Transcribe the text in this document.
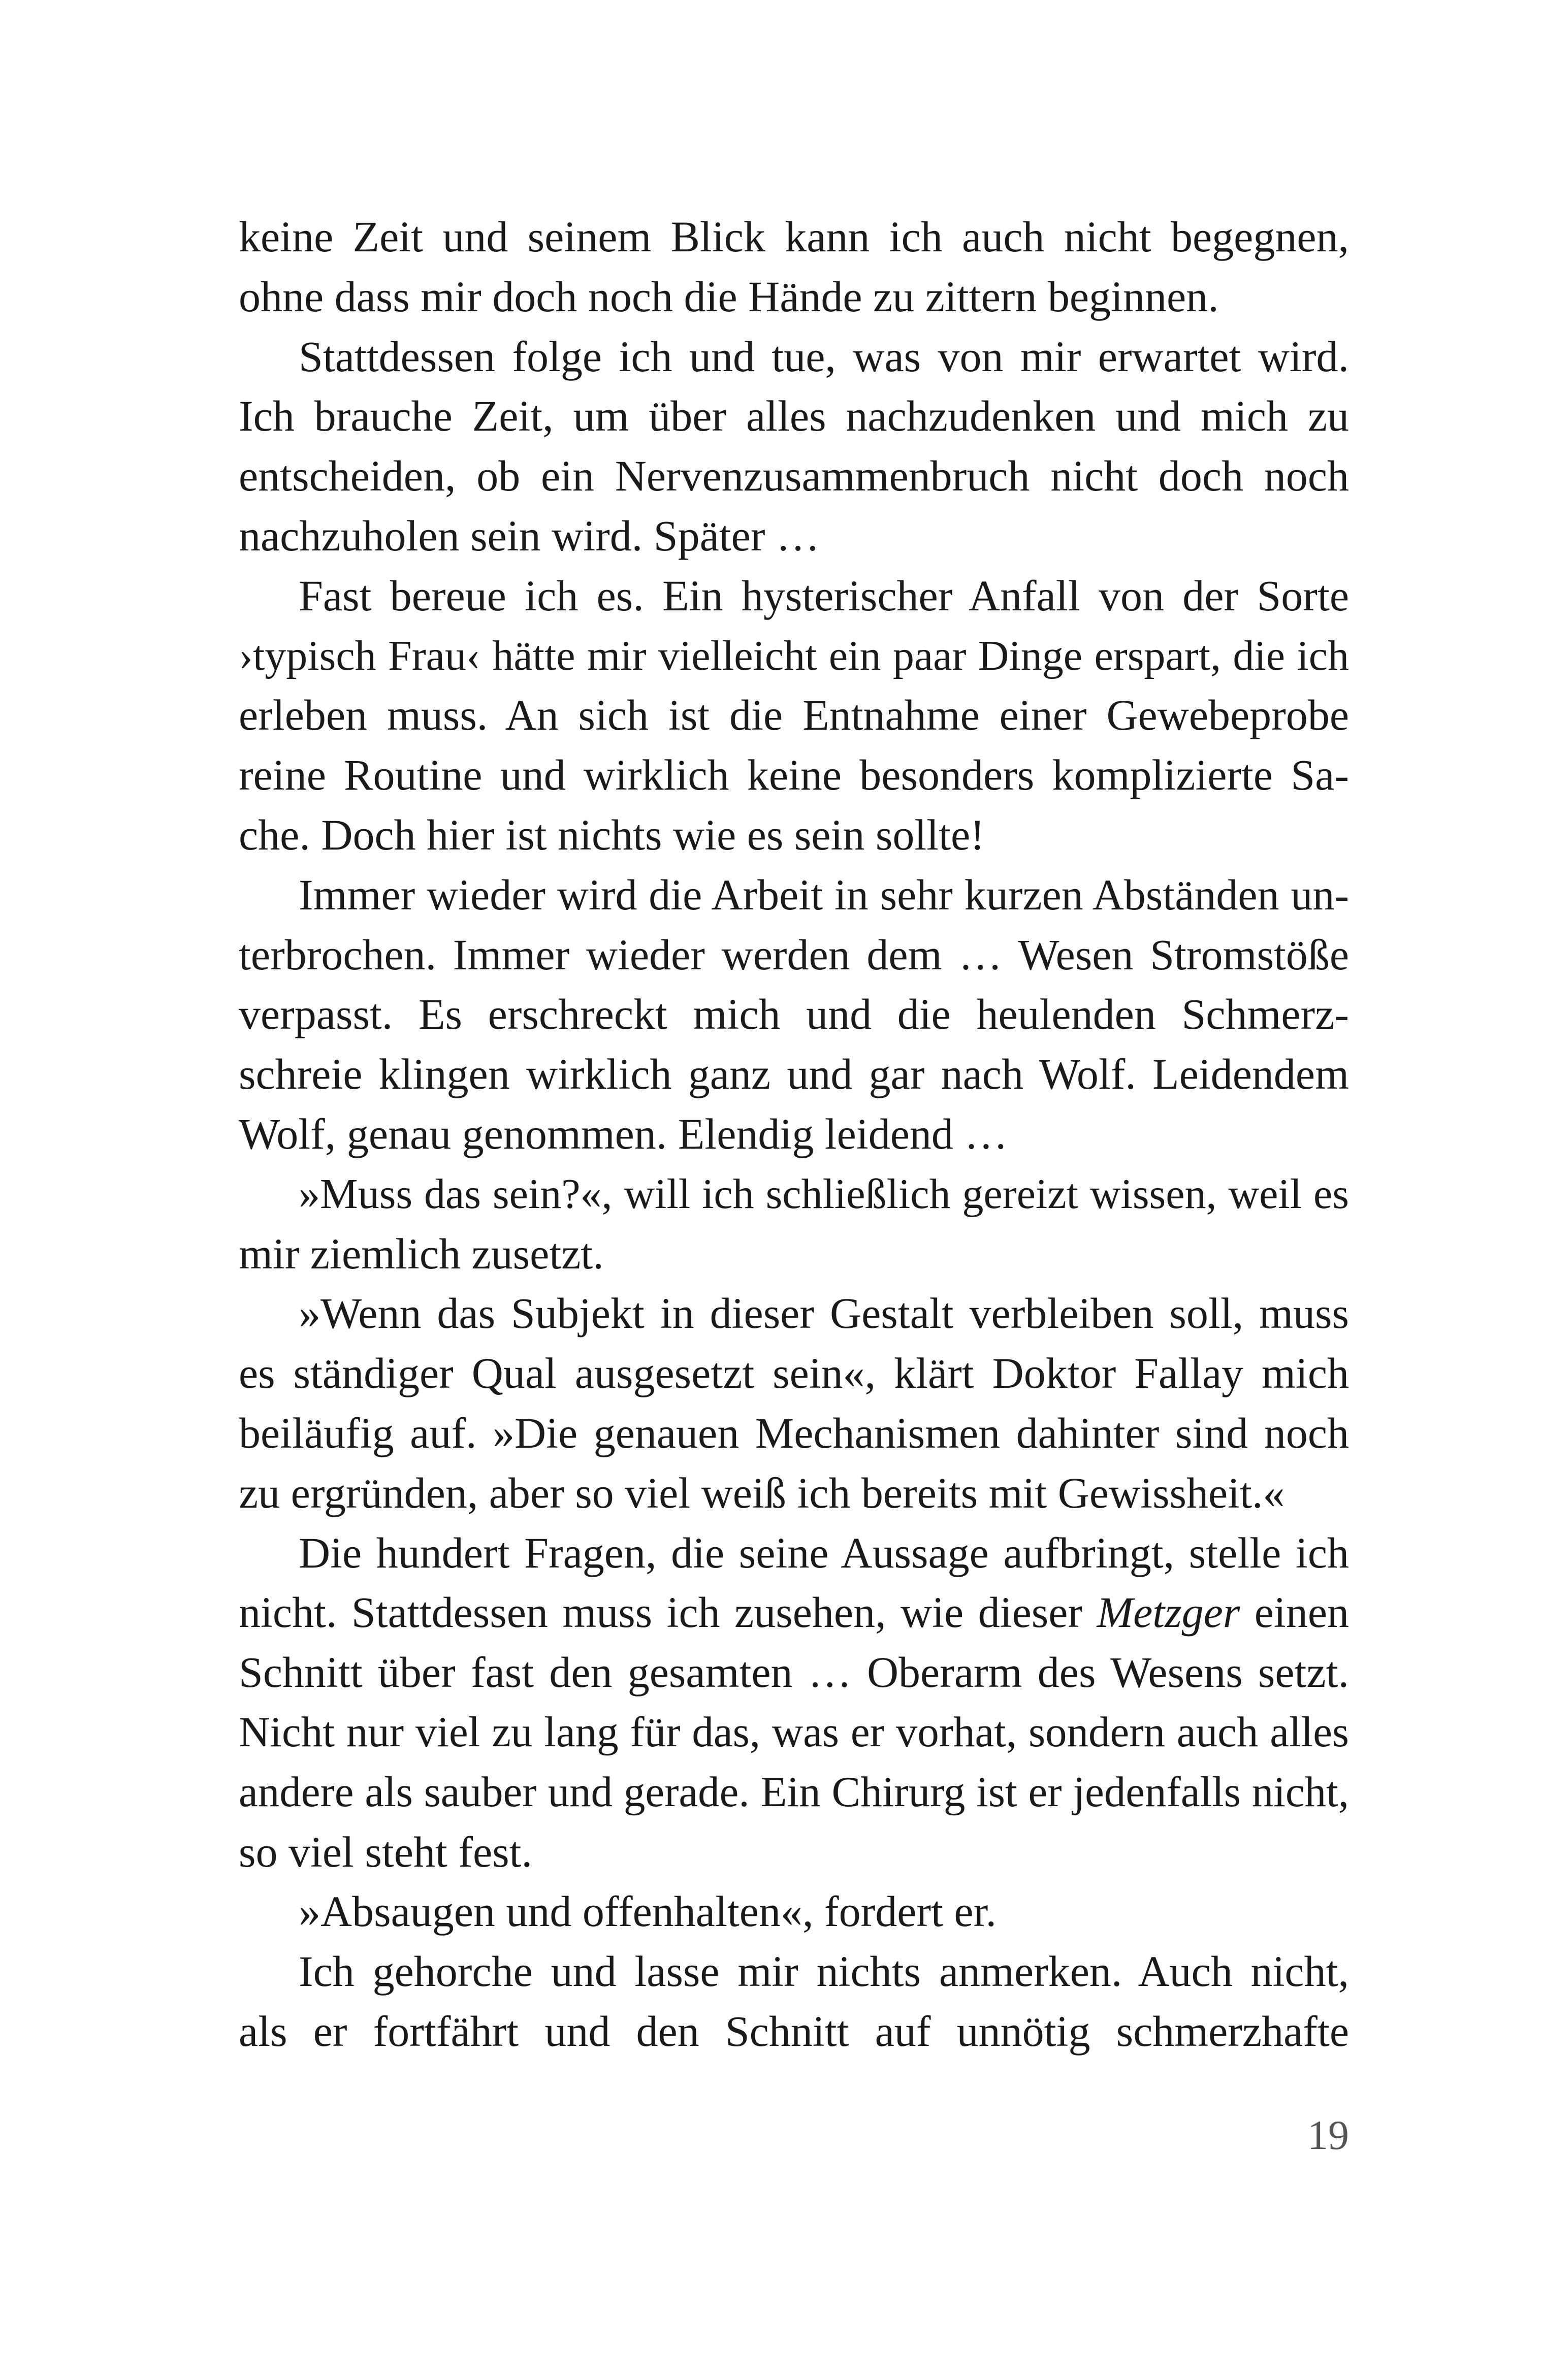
keine Zeit und seinem Blick kann ich auch nicht begegnen,
ohne dass mir doch noch die Hände zu zittern beginnen.
Stattdessen folge ich und tue, was von mir erwartet wird.
Ich brauche Zeit, um über alles nachzudenken und mich zu
entscheiden, ob ein Nervenzusammenbruch nicht doch noch
nachzuholen sein wird. Später …
Fast bereue ich es. Ein hysterischer Anfall von der Sorte
›typisch Frau‹ hätte mir vielleicht ein paar Dinge erspart, die ich
erleben muss. An sich ist die Entnahme einer Gewebeprobe
reine Routine und wirklich keine besonders komplizierte Sa-
che. Doch hier ist nichts wie es sein sollte!
Immer wieder wird die Arbeit in sehr kurzen Abständen un-
terbrochen. Immer wieder werden dem … Wesen Stromstöße
verpasst. Es erschreckt mich und die heulenden Schmerz-
schreie klingen wirklich ganz und gar nach Wolf. Leidendem
Wolf, genau genommen. Elendig leidend …
»Muss das sein?«, will ich schließlich gereizt wissen, weil es
mir ziemlich zusetzt.
»Wenn das Subjekt in dieser Gestalt verbleiben soll, muss
es ständiger Qual ausgesetzt sein«, klärt Doktor Fallay mich
beiläufig auf. »Die genauen Mechanismen dahinter sind noch
zu ergründen, aber so viel weiß ich bereits mit Gewissheit.«
Die hundert Fragen, die seine Aussage aufbringt, stelle ich
nicht. Stattdessen muss ich zusehen, wie dieser Metzger einen
Schnitt über fast den gesamten … Oberarm des Wesens setzt.
Nicht nur viel zu lang für das, was er vorhat, sondern auch alles
andere als sauber und gerade. Ein Chirurg ist er jedenfalls nicht,
so viel steht fest.
»Absaugen und offenhalten«, fordert er.
Ich gehorche und lasse mir nichts anmerken. Auch nicht,
als er fortfährt und den Schnitt auf unnötig schmerzhafte
19
